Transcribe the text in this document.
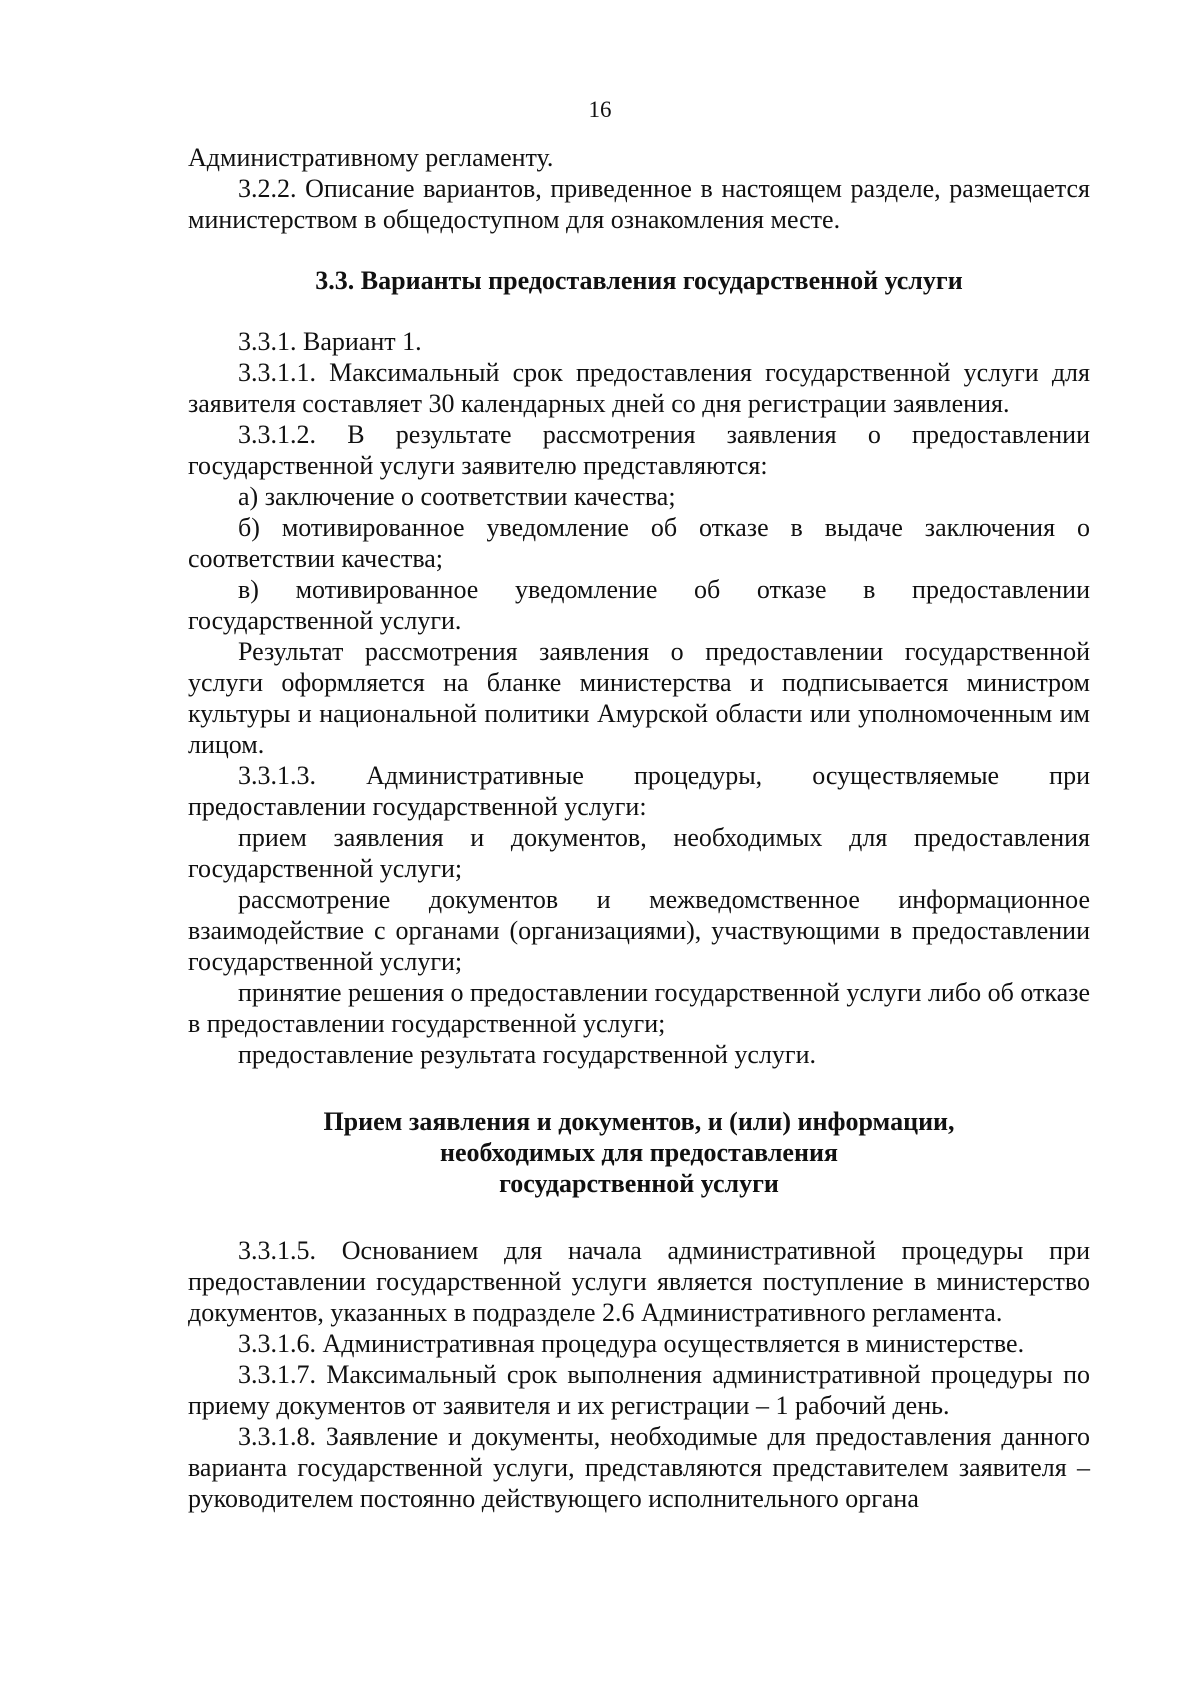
16

Административному регламенту.

3.2.2. Описание вариантов, приведенное в настоящем разделе, размещается министерством в общедоступном для ознакомления месте.

3.3. Варианты предоставления государственной услуги

3.3.1. Вариант 1.

3.3.1.1. Максимальный срок предоставления государственной услуги для заявителя составляет 30 календарных дней со дня регистрации заявления.

3.3.1.2. В результате рассмотрения заявления о предоставлении государственной услуги заявителю представляются:

а) заключение о соответствии качества;

б) мотивированное уведомление об отказе в выдаче заключения о соответствии качества;

в) мотивированное уведомление об отказе в предоставлении государственной услуги.

Результат рассмотрения заявления о предоставлении государственной услуги оформляется на бланке министерства и подписывается министром культуры и национальной политики Амурской области или уполномоченным им лицом.

3.3.1.3. Административные процедуры, осуществляемые при предоставлении государственной услуги:

прием заявления и документов, необходимых для предоставления государственной услуги;

рассмотрение документов и межведомственное информационное взаимодействие с органами (организациями), участвующими в предоставлении государственной услуги;

принятие решения о предоставлении государственной услуги либо об отказе в предоставлении государственной услуги;

предоставление результата государственной услуги.

Прием заявления и документов, и (или) информации,
необходимых для предоставления
государственной услуги

3.3.1.5. Основанием для начала административной процедуры при предоставлении государственной услуги является поступление в министерство документов, указанных в подразделе 2.6 Административного регламента.

3.3.1.6. Административная процедура осуществляется в министерстве.

3.3.1.7. Максимальный срок выполнения административной процедуры по приему документов от заявителя и их регистрации – 1 рабочий день.

3.3.1.8. Заявление и документы, необходимые для предоставления данного варианта государственной услуги, представляются представителем заявителя – руководителем постоянно действующего исполнительного органа
